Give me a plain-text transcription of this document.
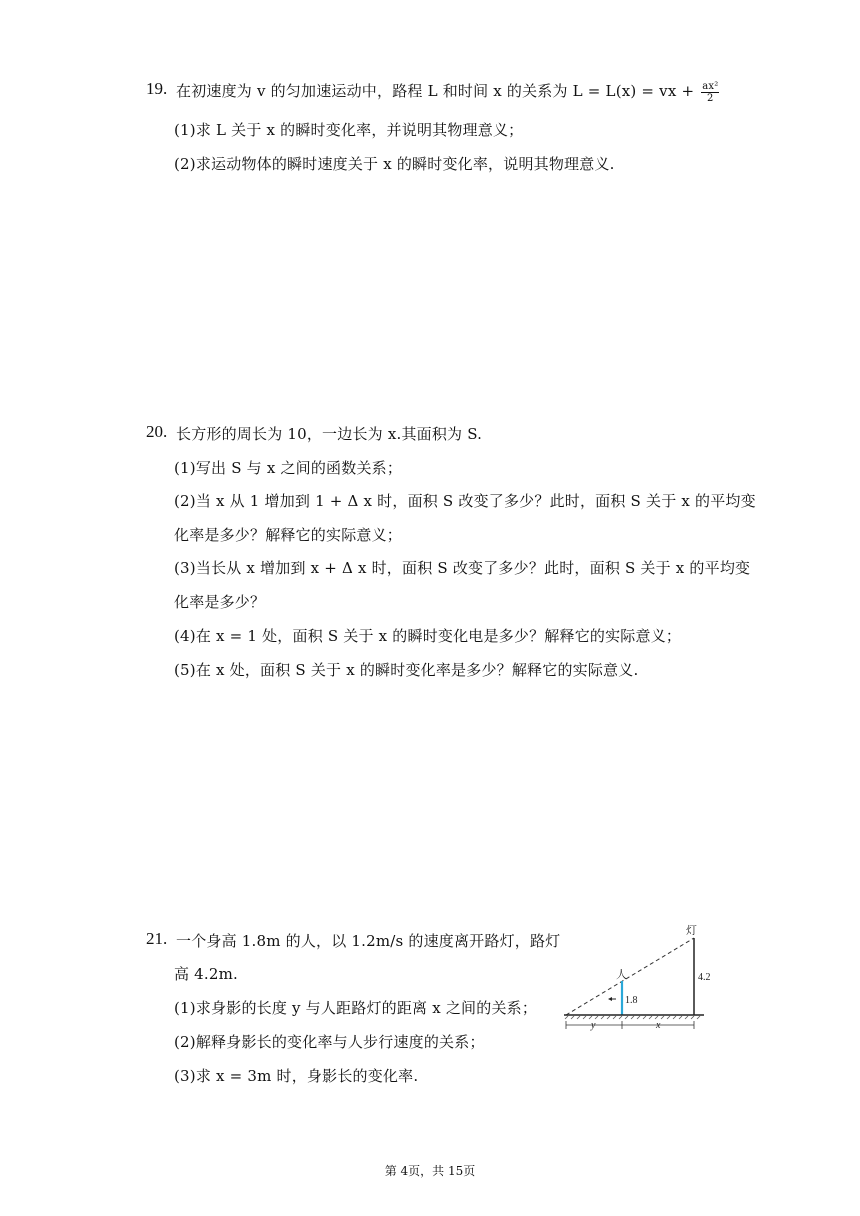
19. 在初速度为 v 的匀加速运动中，路程 L 和时间 x 的关系为 L = L(x) = vx + $\frac{\text{ax²}}{2}$
(1)求 L 关于 x 的瞬时变化率，并说明其物理意义；
(2)求运动物体的瞬时速度关于 x 的瞬时变化率，说明其物理意义.
20. 长方形的周长为 10，一边长为 x.其面积为 S.
(1)写出 S 与 x 之间的函数关系；
(2)当 x 从 1 增加到 1 + Δ x 时，面积 S 改变了多少？此时，面积 S 关于 x 的平均变
化率是多少？解释它的实际意义；
(3)当长从 x 增加到 x + Δ x 时，面积 S 改变了多少？此时，面积 S 关于 x 的平均变
化率是多少？
(4)在 x = 1 处，面积 S 关于 x 的瞬时变化电是多少？解释它的实际意义；
(5)在 x 处，面积 S 关于 x 的瞬时变化率是多少？解释它的实际意义.
21. 一个身高 1.8m 的人，以 1.2m/s 的速度离开路灯，路灯
高 4.2m.
(1)求身影的长度 y 与人距路灯的距离 x 之间的关系；
(2)解释身影长的变化率与人步行速度的关系；
(3)求 x = 3m 时，身影长的变化率.
灯
人	4.2
1.8
y	x
第 4页，共 15页
